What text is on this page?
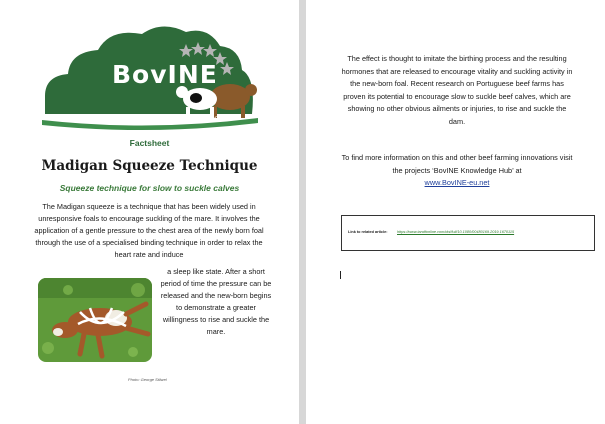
BovINE
BEEF INNOVATION NETWORK EUROPE
Factsheet
Madigan Squeeze Technique
Squeeze technique for slow to suckle calves

The Madigan squeeze is a technique that has been widely used in unresponsive foals to encourage suckling of the mare. It involves the application of a gentle pressure to the chest area of the newly born foal through the use of a specialised binding technique in order to relax the heart rate and induce

a sleep like state. After a short period of time the pressure can be released and the new-born begins to demonstrate a greater willingness to rise and suckle the mare.

Photo: George Stilwel

The effect is thought to imitate the birthing process and the resulting hormones that are released to encourage vitality and suckling activity in the new-born foal. Recent research on Portuguese beef farms has proven its potential to encourage slow to suckle beef calves, which are showing no other obvious ailments or injuries, to rise and suckle the dam.

To find more information on this and other beef farming innovations visit the projects ‘BovINE Knowledge Hub’ at
www.BovINE-eu.net

Link to related article:	https://www.tandfonline.com/doi/full/10.1080/00480169.2019.1670115
